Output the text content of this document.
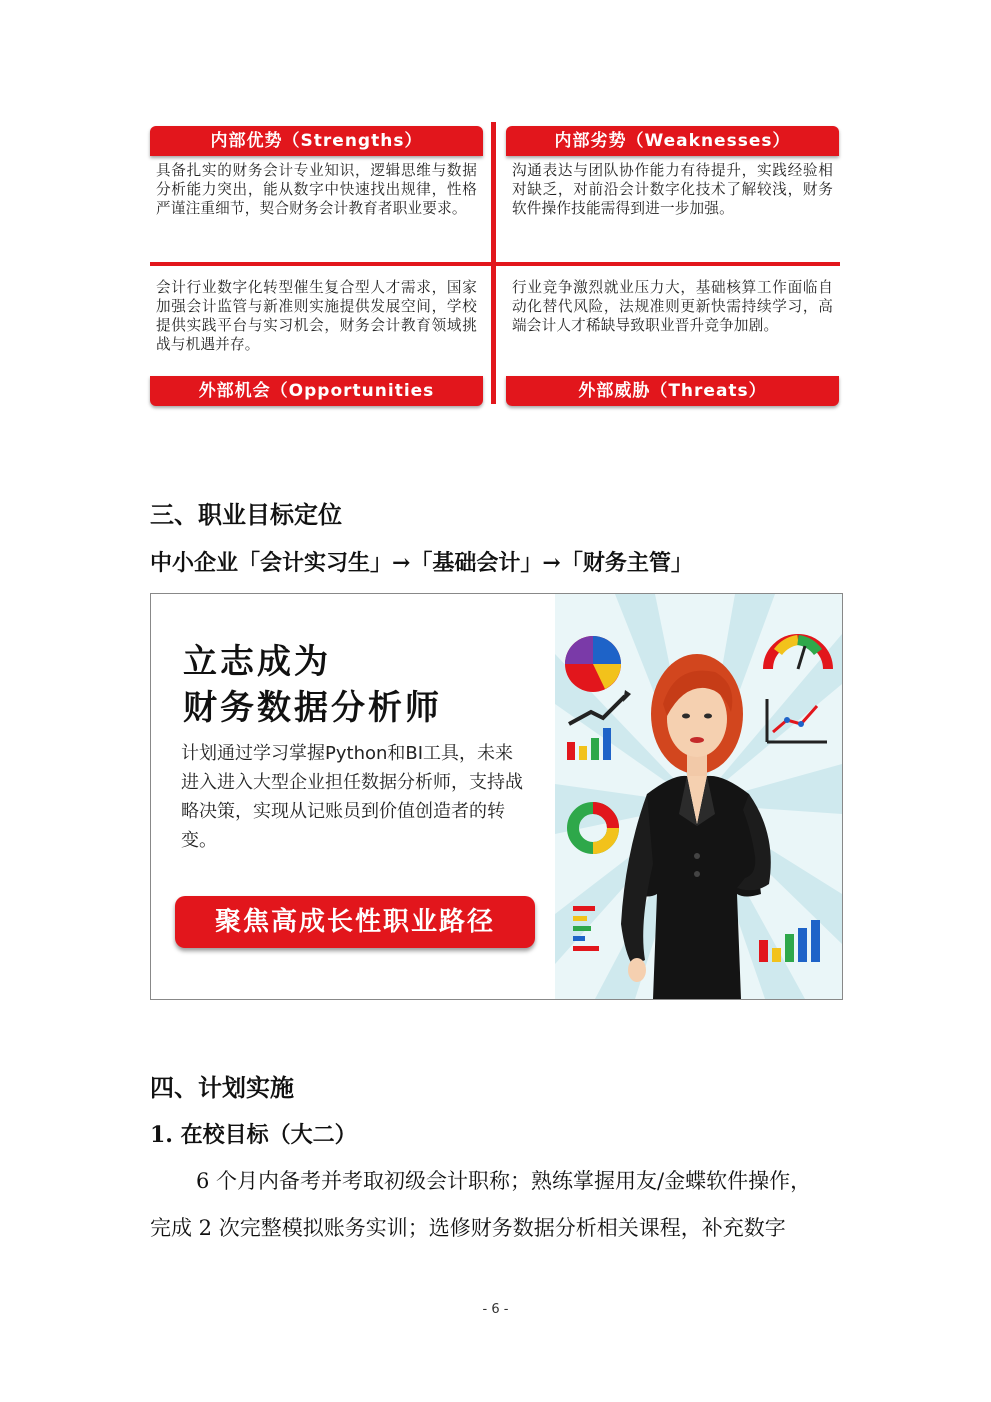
内部优势（Strengths）
具备扎实的财务会计专业知识，逻辑思维与数据分析能力突出，能从数字中快速找出规律，性格严谨注重细节，契合财务会计教育者职业要求。
内部劣势（Weaknesses）
沟通表达与团队协作能力有待提升，实践经验相对缺乏，对前沿会计数字化技术了解较浅，财务软件操作技能需得到进一步加强。
会计行业数字化转型催生复合型人才需求，国家加强会计监管与新准则实施提供发展空间，学校提供实践平台与实习机会，财务会计教育领域挑战与机遇并存。
外部机会（Opportunities
行业竞争激烈就业压力大，基础核算工作面临自动化替代风险，法规准则更新快需持续学习，高端会计人才稀缺导致职业晋升竞争加剧。
外部威胁（Threats）
三、职业目标定位
中小企业「会计实习生」→「基础会计」→「财务主管」
立志成为
财务数据分析师
计划通过学习掌握Python和BI工具，未来进入进入大型企业担任数据分析师，支持战略决策，实现从记账员到价值创造者的转变。
聚焦高成长性职业路径
四、计划实施
1. 在校目标（大二）
6 个月内备考并考取初级会计职称；熟练掌握用友/金蝶软件操作，
完成 2 次完整模拟账务实训；选修财务数据分析相关课程，补充数字
- 6 -
